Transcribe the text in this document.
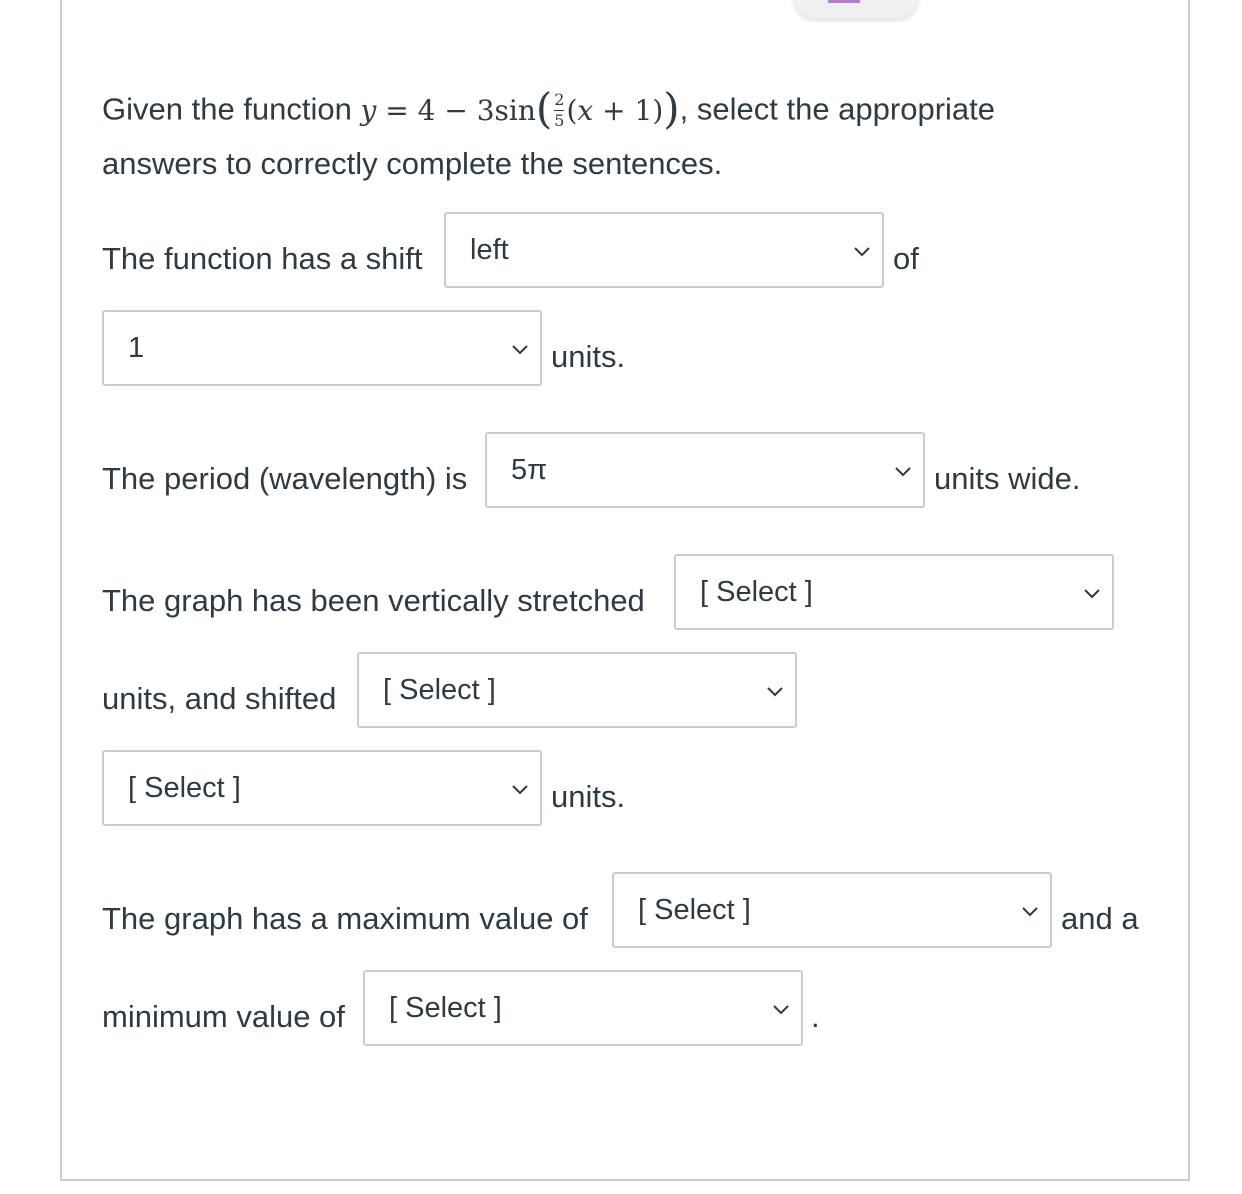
Given the function $y = 4 - 3\sin( \frac{2}{5} (x + 1))$, select the appropriate
answers to correctly complete the sentences.
The function has a shift left	of
1	units.
The period (wavelength) is 5π	units wide.
The graph has been vertically stretched [ Select ]
units, and shifted [ Select ]
[ Select ]	units.
The graph has a maximum value of [ Select ]	and a
minimum value of [ Select ]	.
